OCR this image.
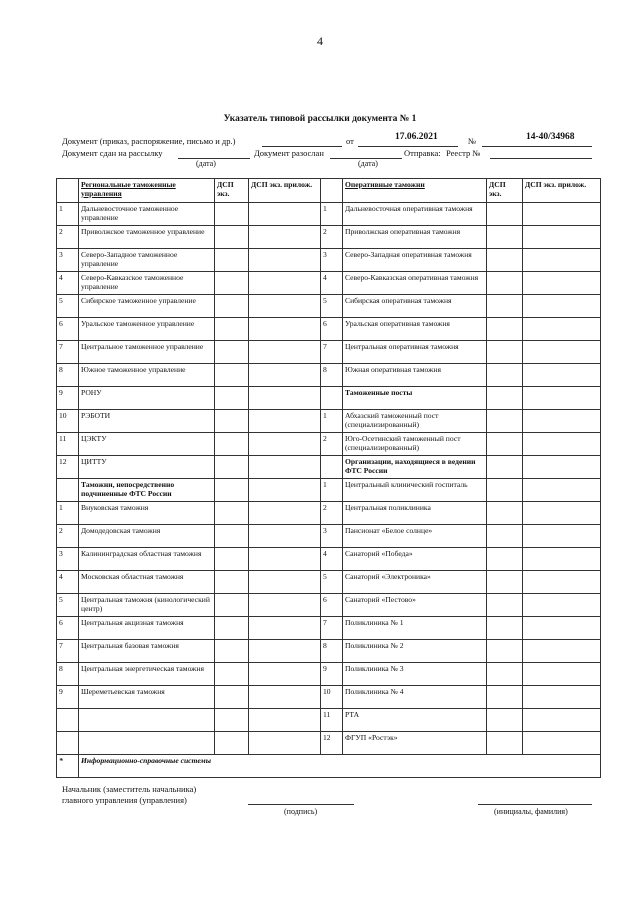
4
Указатель типовой рассылки документа № 1
Документ (приказ, распоряжение, письмо и др.)	от	17.06.2021	№	14-40/34968
Документ сдан на рассылку	Документ разослан	Отправка: Реестр №
(дата)	(дата)
	Региональные таможенные управления	ДСП экз.	ДСП экз. прилож.		Оперативные таможни	ДСП экз.	ДСП экз. прилож.
1	Дальневосточное таможенное управление			1	Дальневосточная оперативная таможня		
2	Приволжское таможенное управление			2	Приволжская оперативная таможня		
3	Северо-Западное таможенное управление			3	Северо-Западная оперативная таможня		
4	Северо-Кавказское таможенное управление			4	Северо-Кавказская оперативная таможня		
5	Сибирское таможенное управление			5	Сибирская оперативная таможня		
6	Уральское таможенное управление			6	Уральская оперативная таможня		
7	Центральное таможенное управление			7	Центральная оперативная таможня		
8	Южное таможенное управление			8	Южная оперативная таможня		
9	РОНУ				Таможенные посты		
10	РЭБОТИ			1	Абхазский таможенный пост (специализированный)		
11	ЦЭКТУ			2	Юго-Осетинский таможенный пост (специализированный)		
12	ЦИТТУ				Организации, находящиеся в ведении ФТС России		
	Таможни, непосредственно подчиненные ФТС России			1	Центральный клинический госпиталь		
1	Внуковская таможня			2	Центральная поликлиника		
2	Домодедовская таможня			3	Пансионат «Белое солнце»		
3	Калининградская областная таможня			4	Санаторий «Победа»		
4	Московская областная таможня			5	Санаторий «Электроника»		
5	Центральная таможня (кинологический центр)			6	Санаторий «Пестово»		
6	Центральная акцизная таможня			7	Поликлиника № 1		
7	Центральная базовая таможня			8	Поликлиника № 2		
8	Центральная энергетическая таможня			9	Поликлиника № 3		
9	Шереметьевская таможня			10	Поликлиника № 4		
				11	РТА		
				12	ФГУП «Ростэк»		
*	Информационно-справочные системы						
Начальник (заместитель начальника)
главного управления (управления)
(подпись)	(инициалы, фамилия)
